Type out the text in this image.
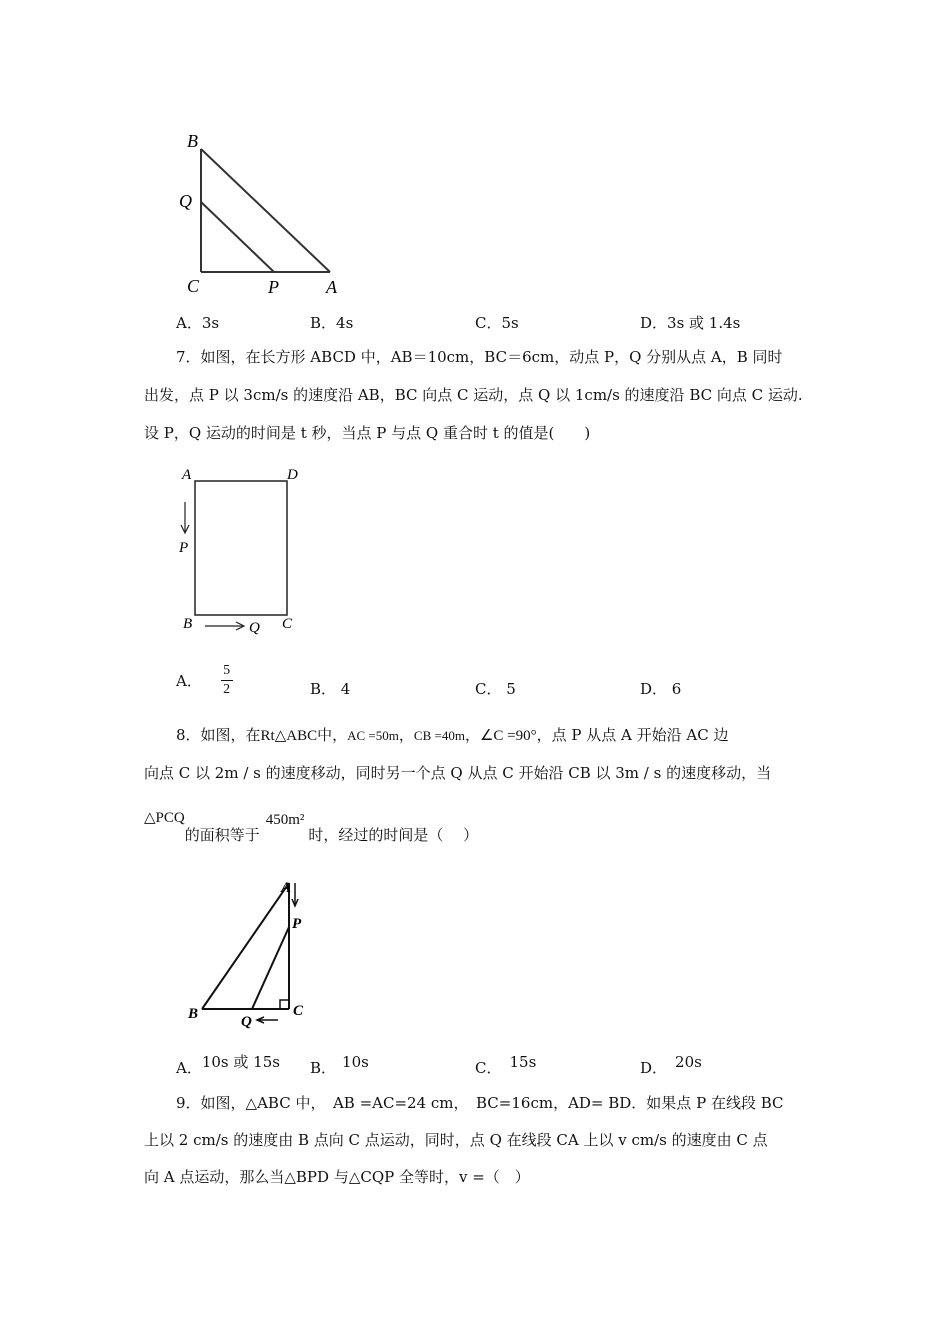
B
Q
C	P	A
A．3s	B．4s	C．5s	D．3s 或 1.4s
7．如图，在长方形 ABCD 中，AB＝10cm，BC＝6cm，动点 P，Q 分别从点 A，B 同时
出发，点 P 以 3cm/s 的速度沿 AB，BC 向点 C 运动，点 Q 以 1cm/s 的速度沿 BC 向点 C 运动.
设 P，Q 运动的时间是 t 秒，当点 P 与点 Q 重合时 t 的值是(　　)
A	D
P
B	Q C
A． $\frac{5}{2}$	B． 4	C． 5	D． 6
8．如图，在Rt△ABC中，AC =50m，CB =40m，∠C =90°，点 P 从点 A 开始沿 AC 边
向点 C 以 2m / s 的速度移动，同时另一个点 Q 从点 C 开始沿 CB 以 3m / s 的速度移动，当
△PCQ的面积等于450m²时，经过的时间是（　 ）
A
P
B	Q
C
A．10s 或 15s B． 10s	C． 15s	D． 20s
9．如图，△ABC 中，　AB =AC=24 cm，　BC=16cm，AD= BD．如果点 P 在线段 BC
上以 2 cm/s 的速度由 B 点向 C 点运动，同时，点 Q 在线段 CA 上以 v cm/s 的速度由 C 点
向 A 点运动，那么当△BPD 与△CQP 全等时，v =（　）
